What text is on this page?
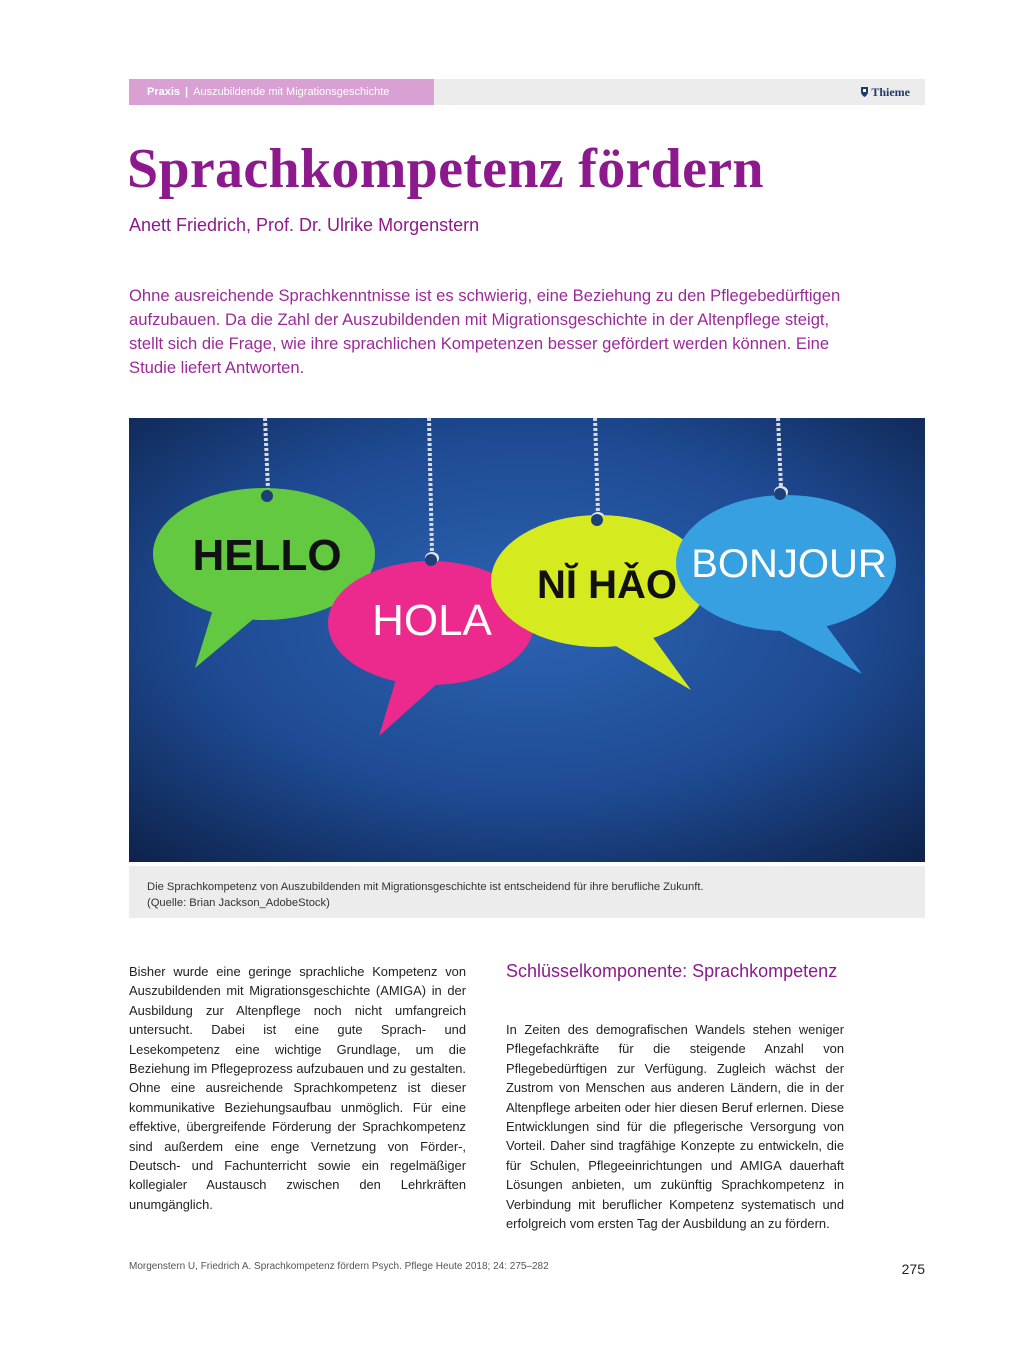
Praxis | Auszubildende mit Migrationsgeschichte	Thieme
Sprachkompetenz fördern
Anett Friedrich, Prof. Dr. Ulrike Morgenstern

Ohne ausreichende Sprachkenntnisse ist es schwierig, eine Beziehung zu den Pflegebedürftigen aufzubauen. Da die Zahl der Auszubildenden mit Migrationsgeschichte in der Altenpflege steigt, stellt sich die Frage, wie ihre sprachlichen Kompetenzen besser gefördert werden können. Eine Studie liefert Antworten.

HELLO
HOLA
NĬ HǍO BONJOUR
Die Sprachkompetenz von Auszubildenden mit Migrationsgeschichte ist entscheidend für ihre berufliche Zukunft.
(Quelle: Brian Jackson_AdobeStock)

Bisher wurde eine geringe sprachliche Kompetenz von Auszubildenden mit Migrationsgeschichte (AMIGA) in der Ausbildung zur Altenpflege noch nicht umfangreich untersucht. Dabei ist eine gute Sprach- und Lesekompetenz eine wichtige Grundlage, um die Beziehung im Pflegeprozess aufzubauen und zu gestalten. Ohne eine ausreichende Sprachkompetenz ist dieser kommunikative Beziehungsaufbau unmöglich. Für eine effektive, übergreifende Förderung der Sprachkompetenz sind außerdem eine enge Vernetzung von Förder-, Deutsch- und Fachunterricht sowie ein regelmäßiger kollegialer Austausch zwischen den Lehrkräften unumgänglich.

Schlüsselkomponente: Sprachkompetenz

In Zeiten des demografischen Wandels stehen weniger Pflegefachkräfte für die steigende Anzahl von Pflegebedürftigen zur Verfügung. Zugleich wächst der Zustrom von Menschen aus anderen Ländern, die in der Altenpflege arbeiten oder hier diesen Beruf erlernen. Diese Entwicklungen sind für die pflegerische Versorgung von Vorteil. Daher sind tragfähige Konzepte zu entwickeln, die für Schulen, Pflegeeinrichtungen und AMIGA dauerhaft Lösungen anbieten, um zukünftig Sprachkompetenz in Verbindung mit beruflicher Kompetenz systematisch und erfolgreich vom ersten Tag der Ausbildung an zu fördern.

Morgenstern U, Friedrich A. Sprachkompetenz fördern Psych. Pflege Heute 2018; 24: 275–282	275
